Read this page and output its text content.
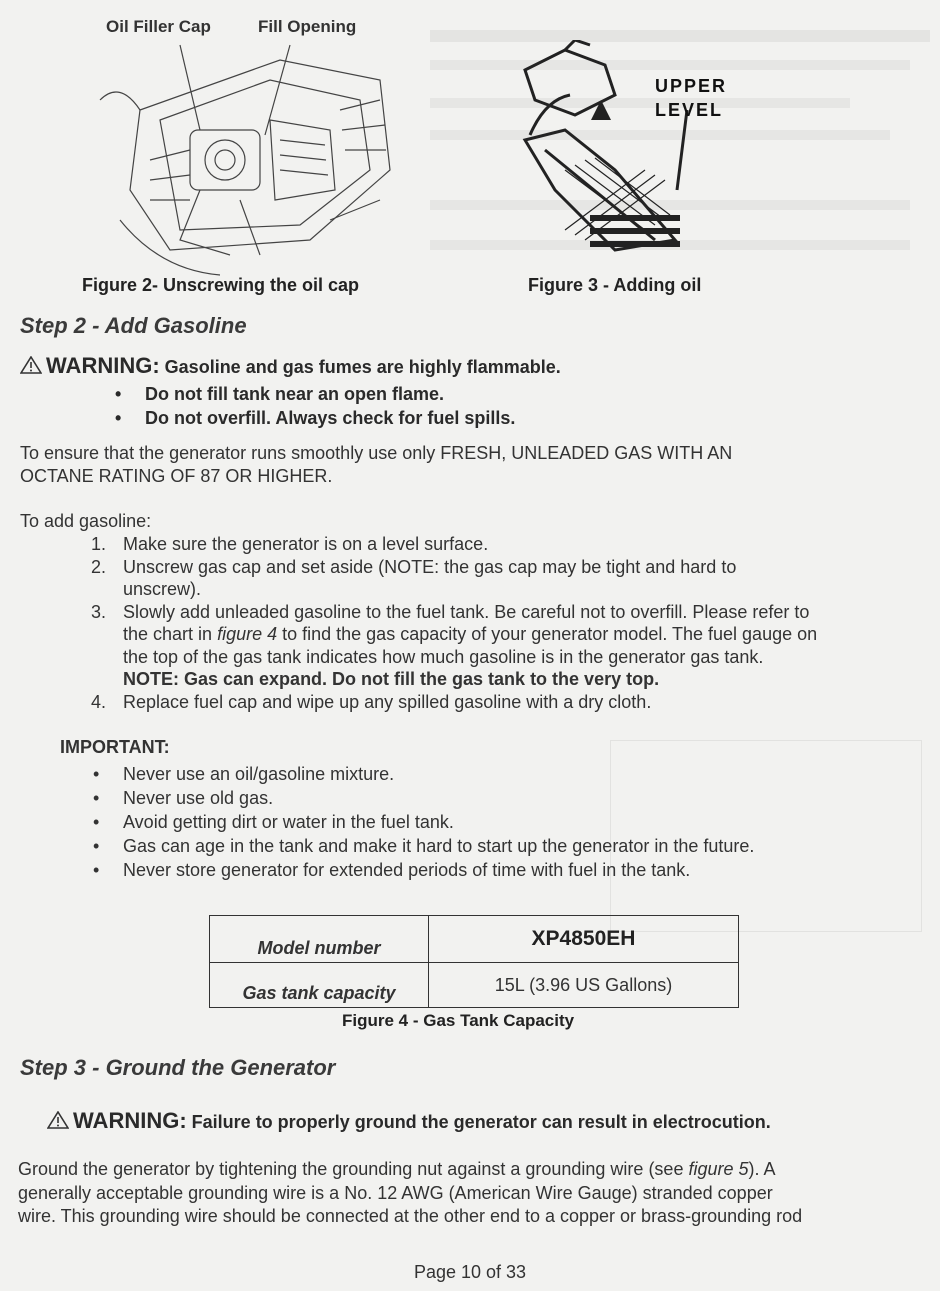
Oil Filler Cap	Fill Opening
Figure 2- Unscrewing the oil cap
UPPER
LEVEL
Figure 3 - Adding oil
Step 2 - Add Gasoline
WARNING: Gasoline and gas fumes are highly flammable.
• Do not fill tank near an open flame.
• Do not overfill. Always check for fuel spills.
To ensure that the generator runs smoothly use only FRESH, UNLEADED GAS WITH AN
OCTANE RATING OF 87 OR HIGHER.
To add gasoline:
1. Make sure the generator is on a level surface.
2. Unscrew gas cap and set aside (NOTE: the gas cap may be tight and hard to
unscrew).
3. Slowly add unleaded gasoline to the fuel tank. Be careful not to overfill. Please refer to
the chart in figure 4 to find the gas capacity of your generator model. The fuel gauge on
the top of the gas tank indicates how much gasoline is in the generator gas tank.
NOTE: Gas can expand. Do not fill the gas tank to the very top.
4. Replace fuel cap and wipe up any spilled gasoline with a dry cloth.
IMPORTANT:
• Never use an oil/gasoline mixture.
• Never use old gas.
• Avoid getting dirt or water in the fuel tank.
• Gas can age in the tank and make it hard to start up the generator in the future.
• Never store generator for extended periods of time with fuel in the tank.
Model number	XP4850EH
Gas tank capacity	15L (3.96 US Gallons)
Figure 4 - Gas Tank Capacity
Step 3 - Ground the Generator
WARNING: Failure to properly ground the generator can result in electrocution.
Ground the generator by tightening the grounding nut against a grounding wire (see figure 5). A
generally acceptable grounding wire is a No. 12 AWG (American Wire Gauge) stranded copper
wire. This grounding wire should be connected at the other end to a copper or brass-grounding rod
Page 10 of 33
